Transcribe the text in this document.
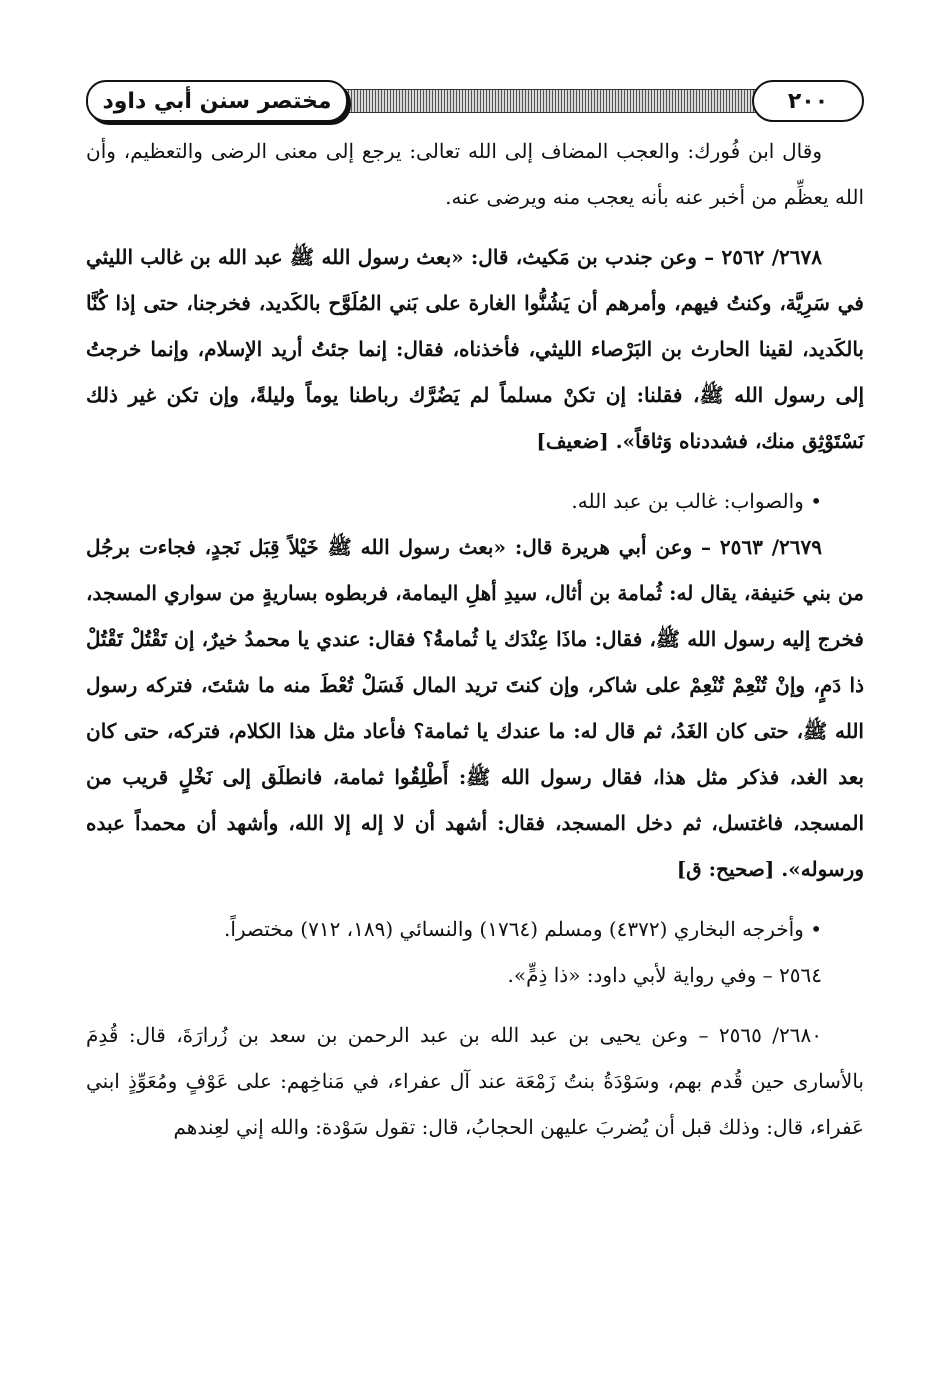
مختصر سنن أبي داود	٢٠٠

وقال ابن فُورك: والعجب المضاف إلى الله تعالى: يرجع إلى معنى الرضى والتعظيم، وأن الله يعظِّم من أخبر عنه بأنه يعجب منه ويرضى عنه.

٢٦٧٨/ ٢٥٦٢ – وعن جندب بن مَكيث، قال: «بعث رسول الله ﷺ عبد الله بن غالب الليثي في سَرِيَّة، وكنتُ فيهم، وأمرهم أن يَشُنُّوا الغارة على بَني المُلَوَّح بالكَديد، فخرجنا، حتى إذا كُنَّا بالكَديد، لقينا الحارث بن البَرْصاء الليثي، فأخذناه، فقال: إنما جئتُ أريد الإسلام، وإنما خرجتُ إلى رسول الله ﷺ، فقلنا: إن تكنْ مسلماً لم يَضُرَّك رباطنا يوماً وليلةً، وإن تكن غير ذلك نَسْتَوْثِق منك، فشددناه وَثاقاً». [ضعيف]

• والصواب: غالب بن عبد الله.

٢٦٧٩/ ٢٥٦٣ – وعن أبي هريرة قال: «بعث رسول الله ﷺ خَيْلاً قِبَل نَجدٍ، فجاءت برجُل من بني حَنيفة، يقال له: ثُمامة بن أثال، سيدِ أهلِ اليمامة، فربطوه بساريةٍ من سواري المسجد، فخرج إليه رسول الله ﷺ، فقال: ماذَا عِنْدَك يا ثُمامةُ؟ فقال: عندي يا محمدُ خيرٌ، إن تَقْتُلْ تَقْتُلْ ذا دَمٍ، وإنْ تُنْعِمْ تُنْعِمْ على شاكر، وإن كنتَ تريد المال فَسَلْ تُعْطَ منه ما شئتَ، فتركه رسول الله ﷺ، حتى كان الغَدُ، ثم قال له: ما عندك يا ثمامة؟ فأعاد مثل هذا الكلام، فتركه، حتى كان بعد الغد، فذكر مثل هذا، فقال رسول الله ﷺ: أَطْلِقُوا ثمامة، فانطلَق إلى نَخْلٍ قريب من المسجد، فاغتسل، ثم دخل المسجد، فقال: أشهد أن لا إله إلا الله، وأشهد أن محمداً عبده ورسوله». [صحيح: ق]

• وأخرجه البخاري (٤٣٧٢) ومسلم (١٧٦٤) والنسائي (١٨٩، ٧١٢) مختصراً.

٢٥٦٤ – وفي رواية لأبي داود: «ذا ذِمٍّ».

٢٦٨٠/ ٢٥٦٥ – وعن يحيى بن عبد الله بن عبد الرحمن بن سعد بن زُرارَةَ، قال: قُدِمَ بالأسارى حين قُدم بهم، وسَوْدَةُ بنتُ زَمْعَة عند آل عفراء، في مَناخِهم: على عَوْفٍ ومُعَوِّذٍ ابني عَفراء، قال: وذلك قبل أن يُضربَ عليهن الحجابُ، قال: تقول سَوْدة: والله إني لعِندهم
